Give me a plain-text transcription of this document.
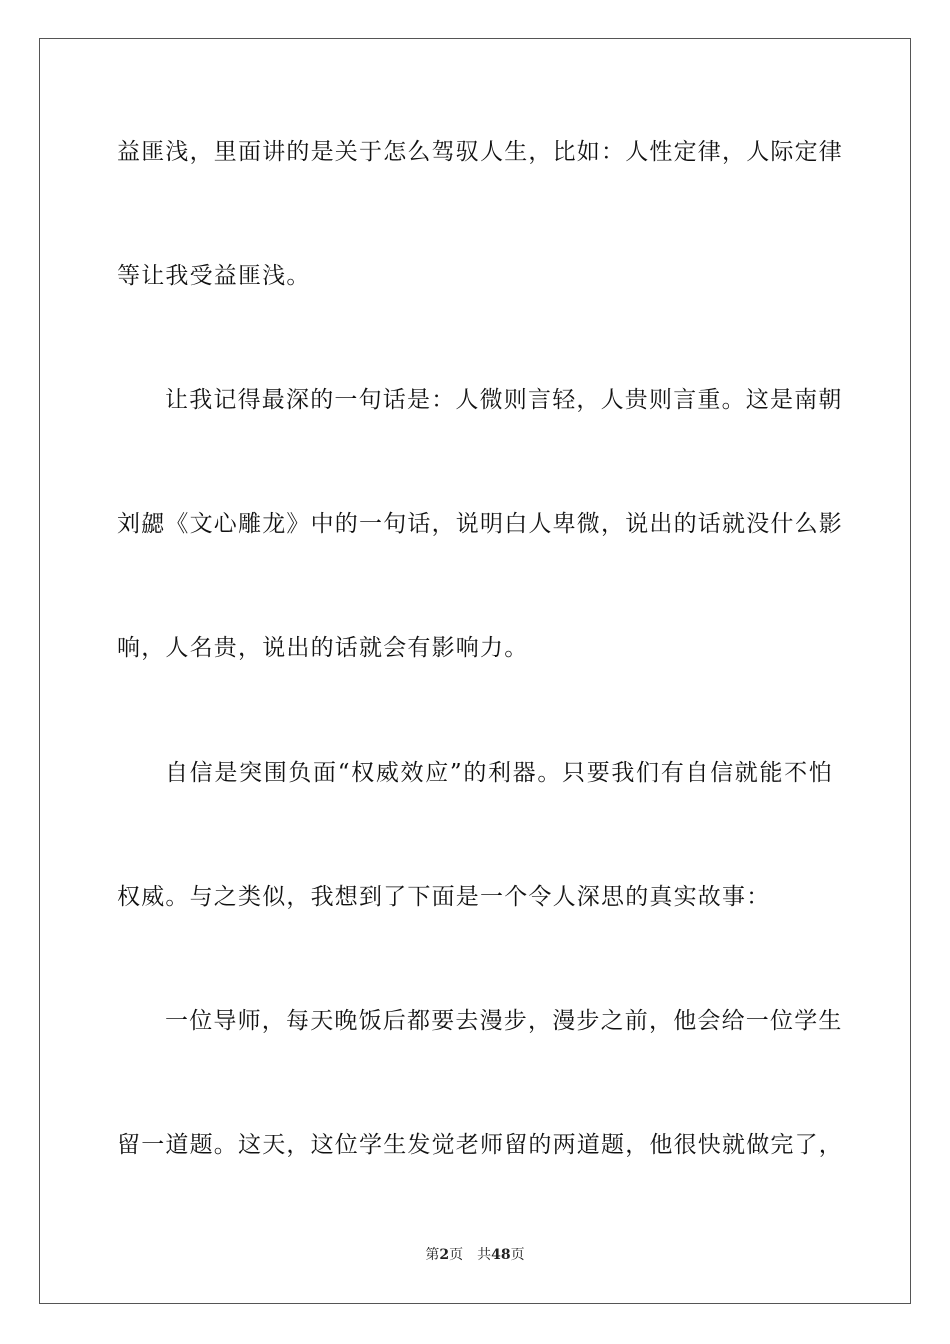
益匪浅，里面讲的是关于怎么驾驭人生，比如：人性定律，人际定律
等让我受益匪浅。
让我记得最深的一句话是：人微则言轻，人贵则言重。这是南朝
刘勰《文心雕龙》中的一句话，说明白人卑微，说出的话就没什么影
响，人名贵，说出的话就会有影响力。
自信是突围负面“权威效应”的利器。只要我们有自信就能不怕
权威。与之类似，我想到了下面是一个令人深思的真实故事：
一位导师，每天晚饭后都要去漫步，漫步之前，他会给一位学生
留一道题。这天，这位学生发觉老师留的两道题，他很快就做完了，
第2页 共48页
